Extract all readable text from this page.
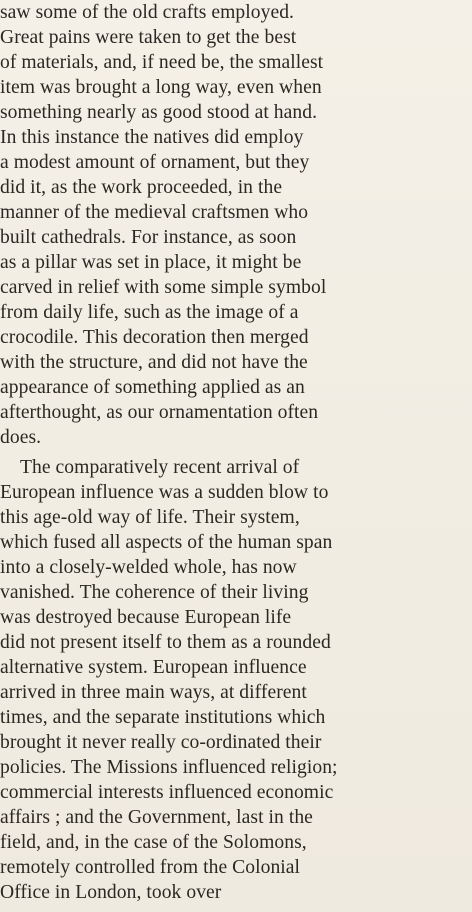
saw some of the old crafts employed.
Great pains were taken to get the best
of materials, and, if need be, the smallest
item was brought a long way, even when
something nearly as good stood at hand.
In this instance the natives did employ
a modest amount of ornament, but they
did it, as the work proceeded, in the
manner of the medieval craftsmen who
built cathedrals. For instance, as soon
as a pillar was set in place, it might be
carved in relief with some simple symbol
from daily life, such as the image of a
crocodile. This decoration then merged
with the structure, and did not have the
appearance of something applied as an
afterthought, as our ornamentation often
does.
The comparatively recent arrival of
European influence was a sudden blow to
this age-old way of life. Their system,
which fused all aspects of the human span
into a closely-welded whole, has now
vanished. The coherence of their living
was destroyed because European life
did not present itself to them as a rounded
alternative system. European influence
arrived in three main ways, at different
times, and the separate institutions which
brought it never really co-ordinated their
policies. The Missions influenced religion;
commercial interests influenced economic
affairs ; and the Government, last in the
field, and, in the case of the Solomons,
remotely controlled from the Colonial
Office in London, took over
